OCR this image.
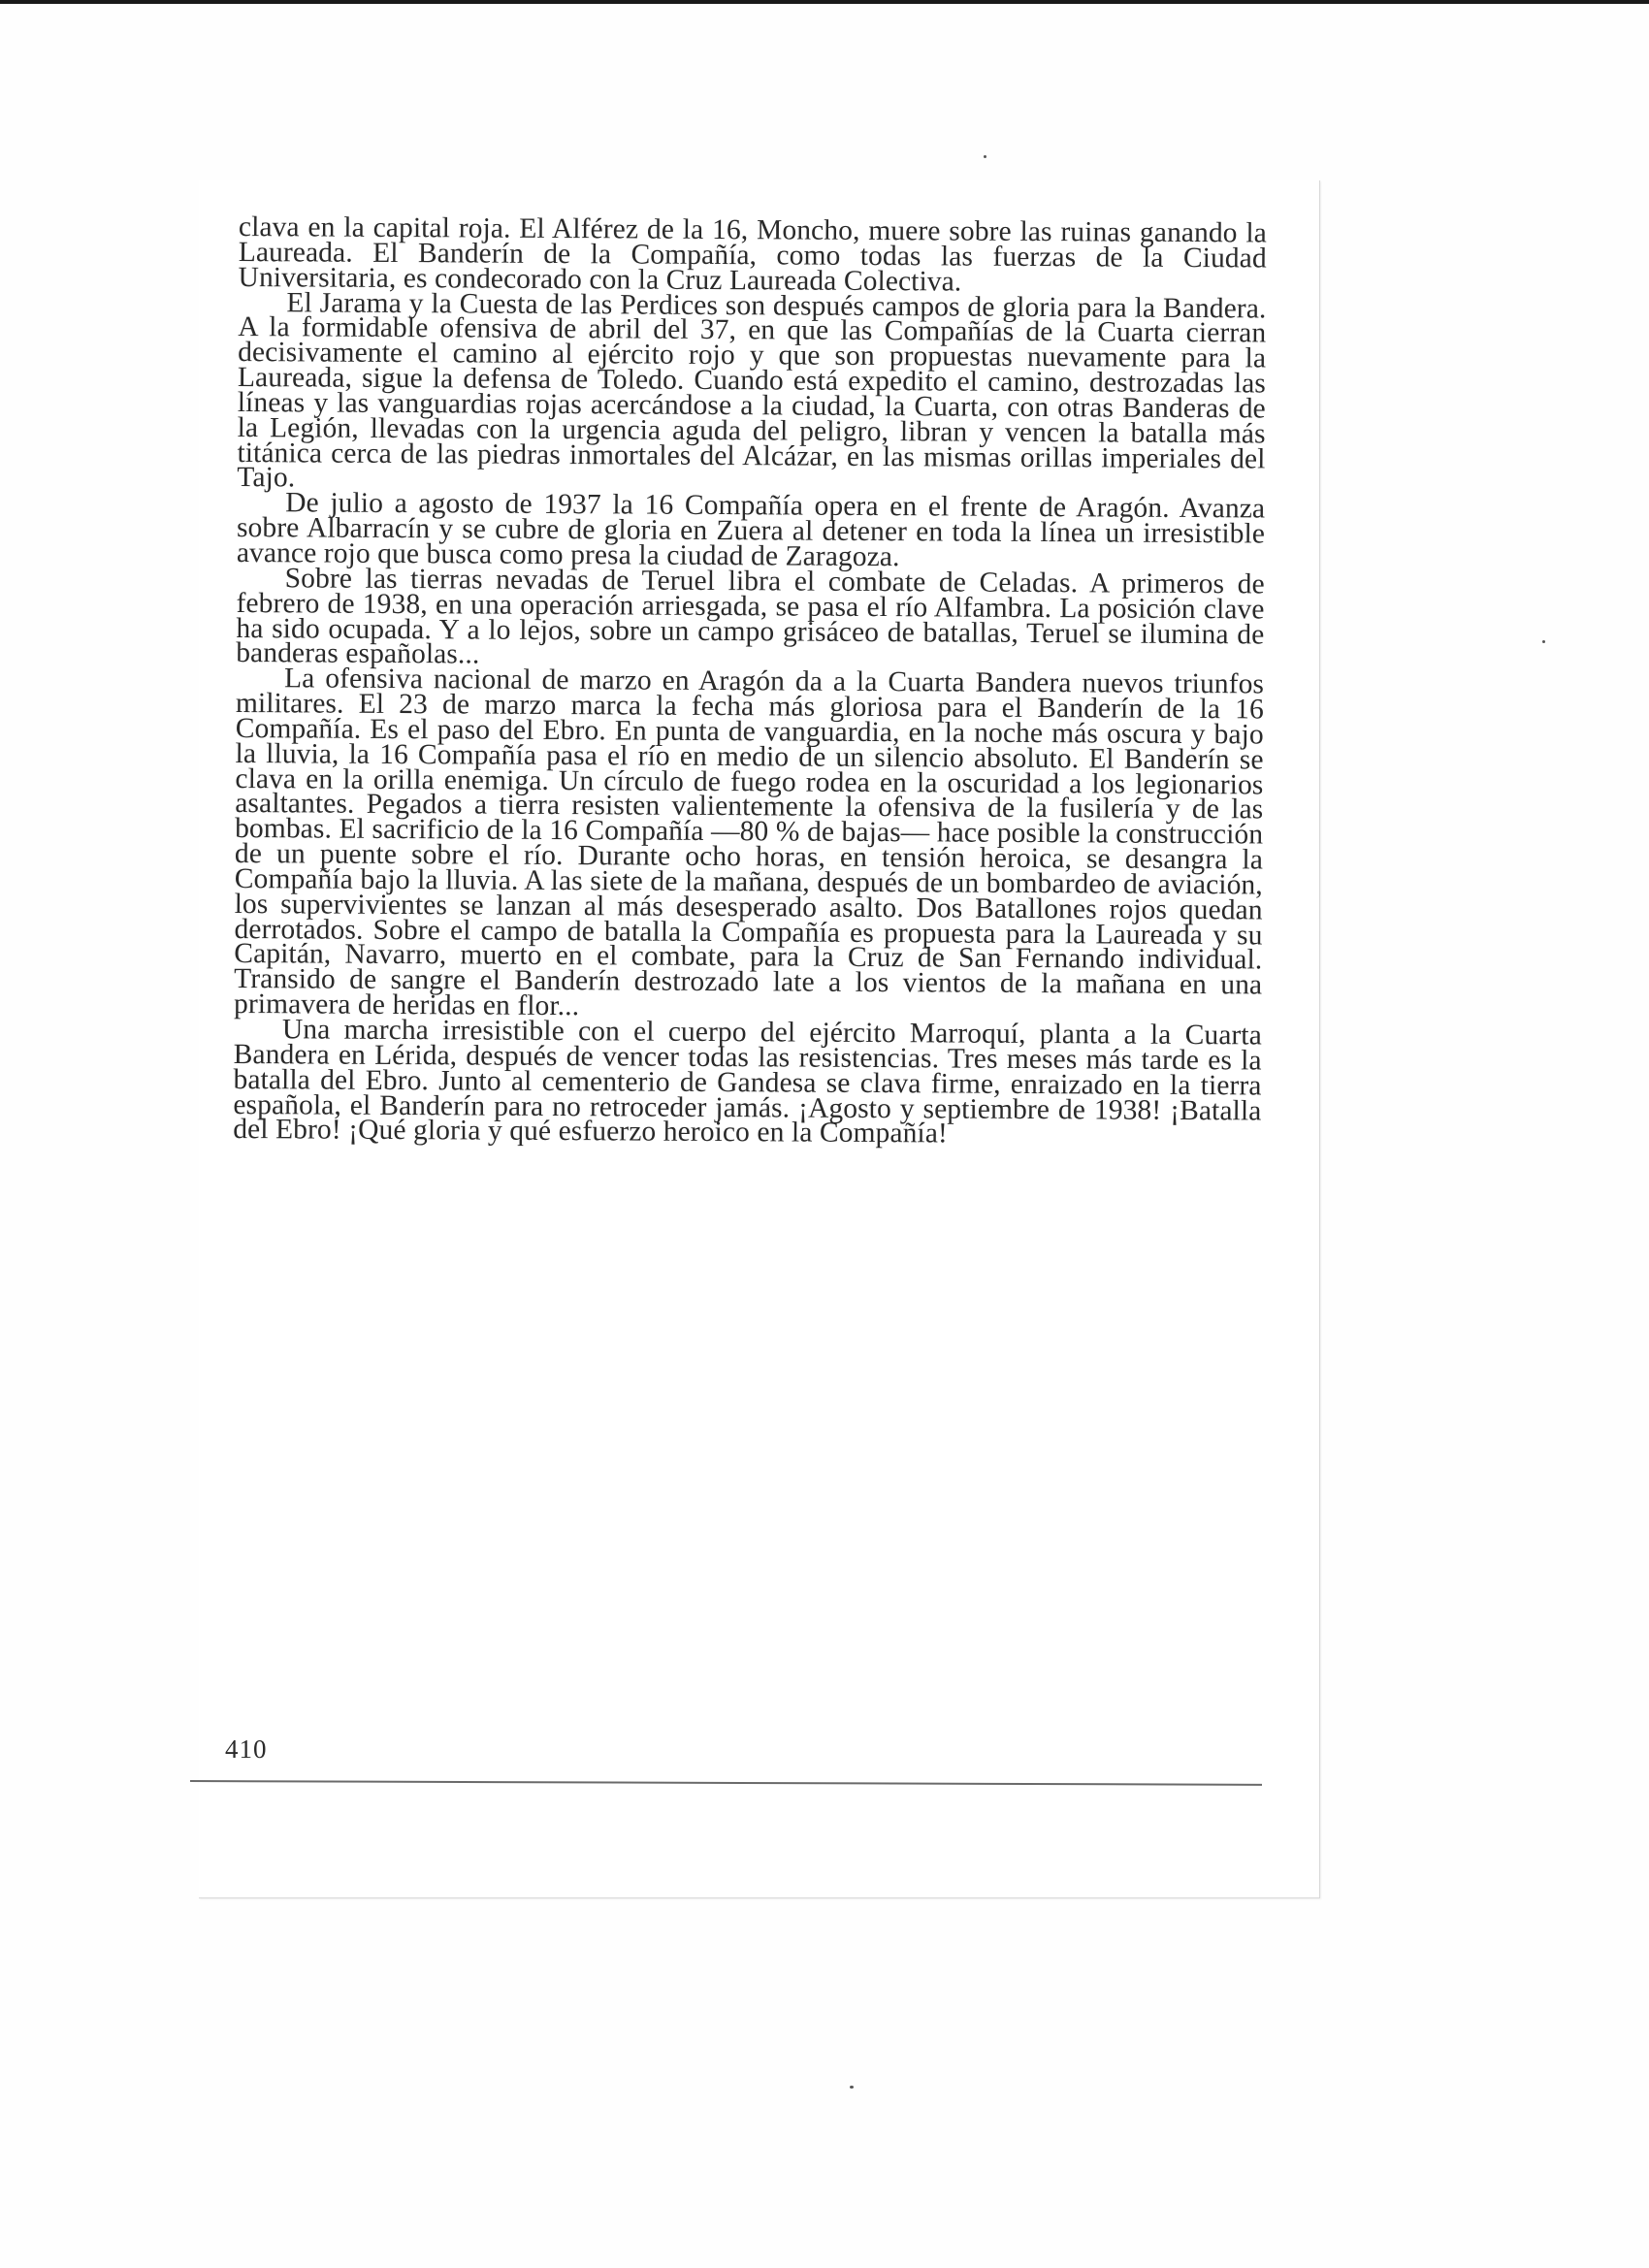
clava en la capital roja. El Alférez de la 16, Moncho, muere sobre las ruinas ganando la Laureada. El Banderín de la Compañía, como todas las fuerzas de la Ciudad Universitaria, es condecorado con la Cruz Laureada Colectiva.

El Jarama y la Cuesta de las Perdices son después campos de gloria para la Bandera. A la formidable ofensiva de abril del 37, en que las Compañías de la Cuarta cierran decisivamente el camino al ejército rojo y que son propuestas nuevamente para la Laureada, sigue la defensa de Toledo. Cuando está expedito el camino, destrozadas las líneas y las vanguardias rojas acercándose a la ciudad, la Cuarta, con otras Banderas de la Legión, llevadas con la urgencia aguda del peligro, libran y vencen la batalla más titánica cerca de las piedras inmortales del Alcázar, en las mismas orillas imperiales del Tajo.

De julio a agosto de 1937 la 16 Compañía opera en el frente de Aragón. Avanza sobre Albarracín y se cubre de gloria en Zuera al detener en toda la línea un irresistible avance rojo que busca como presa la ciudad de Zaragoza.

Sobre las tierras nevadas de Teruel libra el combate de Celadas. A primeros de febrero de 1938, en una operación arriesgada, se pasa el río Alfambra. La posición clave ha sido ocupada. Y a lo lejos, sobre un campo grisáceo de batallas, Teruel se ilumina de banderas españolas...

La ofensiva nacional de marzo en Aragón da a la Cuarta Bandera nuevos triunfos militares. El 23 de marzo marca la fecha más gloriosa para el Banderín de la 16 Compañía. Es el paso del Ebro. En punta de vanguardia, en la noche más oscura y bajo la lluvia, la 16 Compañía pasa el río en medio de un silencio absoluto. El Banderín se clava en la orilla enemiga. Un círculo de fuego rodea en la oscuridad a los legionarios asaltantes. Pegados a tierra resisten valientemente la ofensiva de la fusilería y de las bombas. El sacrificio de la 16 Compañía —80 % de bajas— hace posible la construcción de un puente sobre el río. Durante ocho horas, en tensión heroica, se desangra la Compañía bajo la lluvia. A las siete de la mañana, después de un bombardeo de aviación, los supervivientes se lanzan al más desesperado asalto. Dos Batallones rojos quedan derrotados. Sobre el campo de batalla la Compañía es propuesta para la Laureada y su Capitán, Navarro, muerto en el combate, para la Cruz de San Fernando individual. Transido de sangre el Banderín destrozado late a los vientos de la mañana en una primavera de heridas en flor...

Una marcha irresistible con el cuerpo del ejército Marroquí, planta a la Cuarta Bandera en Lérida, después de vencer todas las resistencias. Tres meses más tarde es la batalla del Ebro. Junto al cementerio de Gandesa se clava firme, enraizado en la tierra española, el Banderín para no retroceder jamás. ¡Agosto y septiembre de 1938! ¡Batalla del Ebro! ¡Qué gloria y qué esfuerzo heroico en la Compañía!

410
